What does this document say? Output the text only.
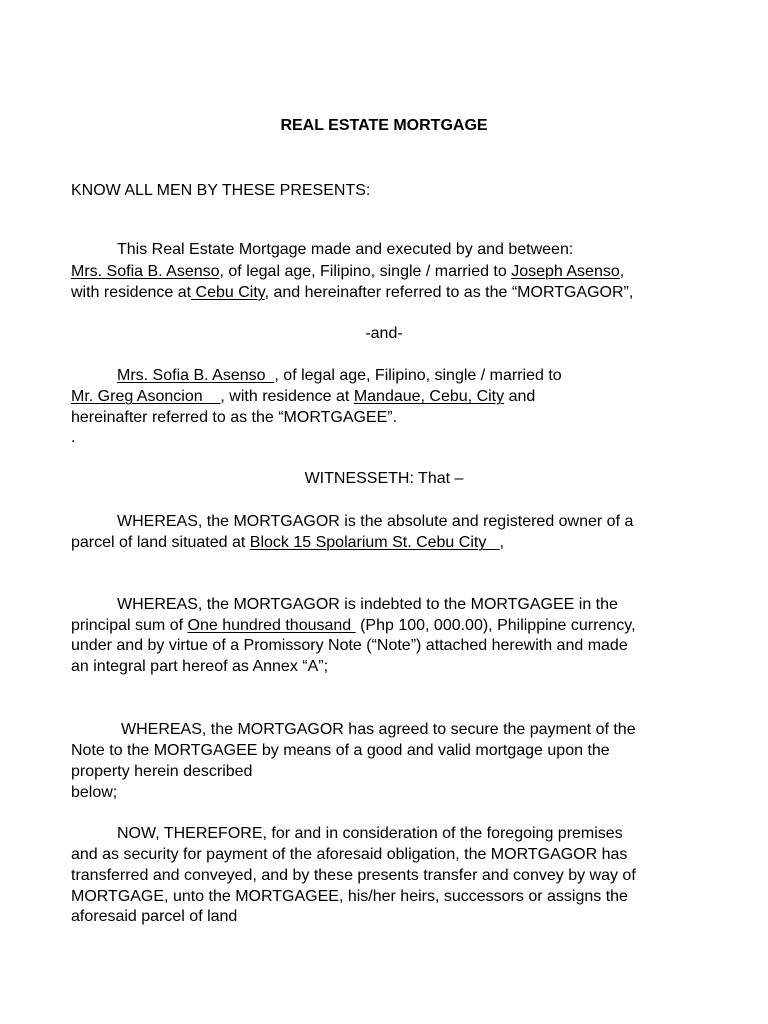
REAL ESTATE MORTGAGE

KNOW ALL MEN BY THESE PRESENTS:

This Real Estate Mortgage made and executed by and between:

Mrs. Sofia B. Asenso, of legal age, Filipino, single / married to Joseph Asenso,

with residence at Cebu City, and hereinafter referred to as the “MORTGAGOR”,

-and-

Mrs. Sofia B. Asenso  , of legal age, Filipino, single / married to

Mr. Greg Asoncion    , with residence at Mandaue, Cebu, City and

hereinafter referred to as the “MORTGAGEE”.

.

WITNESSETH: That –

WHEREAS, the MORTGAGOR is the absolute and registered owner of a

parcel of land situated at Block 15 Spolarium St. Cebu City   ,

WHEREAS, the MORTGAGOR is indebted to the MORTGAGEE in the

principal sum of One hundred thousand  (Php 100, 000.00), Philippine currency,

under and by virtue of a Promissory Note (“Note”) attached herewith and made

an integral part hereof as Annex “A”;

WHEREAS, the MORTGAGOR has agreed to secure the payment of the

Note to the MORTGAGEE by means of a good and valid mortgage upon the

property herein described

below;

NOW, THEREFORE, for and in consideration of the foregoing premises

and as security for payment of the aforesaid obligation, the MORTGAGOR has

transferred and conveyed, and by these presents transfer and convey by way of

MORTGAGE, unto the MORTGAGEE, his/her heirs, successors or assigns the

aforesaid parcel of land
